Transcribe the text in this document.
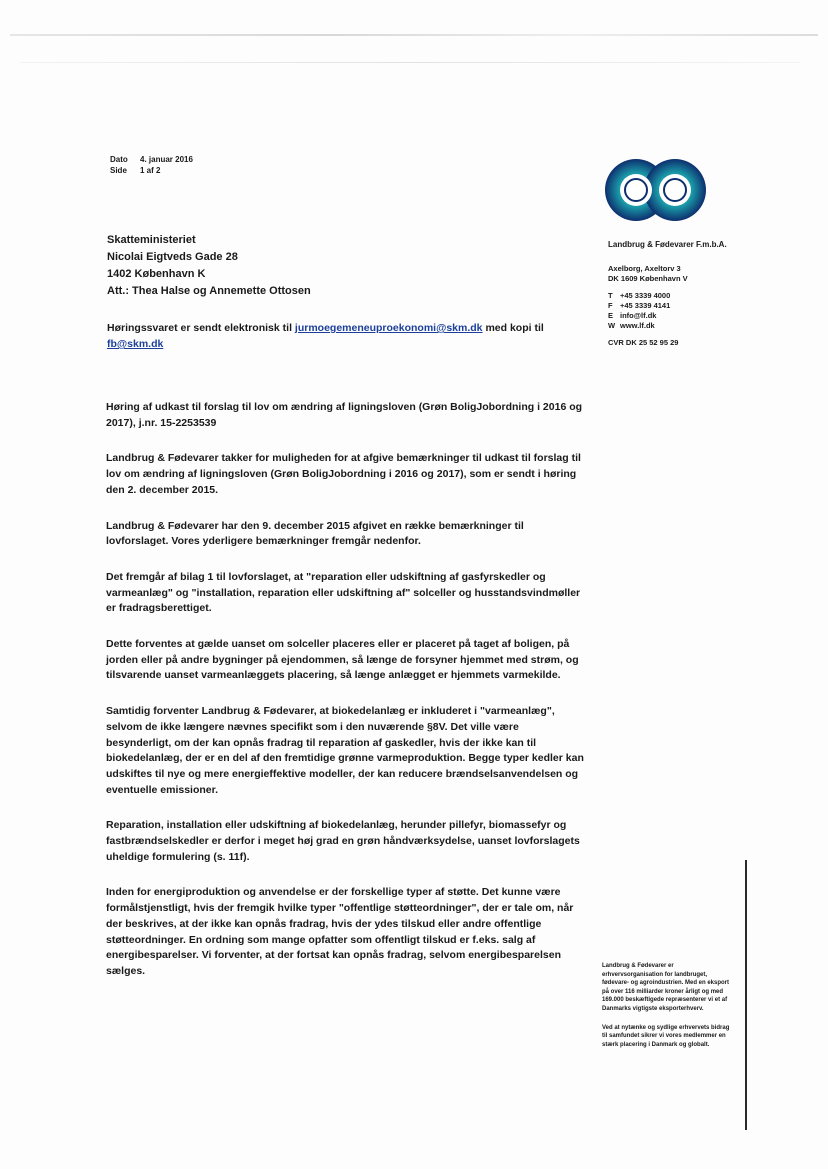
Dato	4. januar 2016
Side	1 af 2
Landbrug & Fødevarer F.m.b.A.
Axelborg, Axeltorv 3
DK 1609 København V
T +45 3339 4000
F +45 3339 4141
E info@lf.dk
W www.lf.dk
CVR DK 25 52 95 29
Skatteministeriet
Nicolai Eigtveds Gade 28
1402 København K
Att.: Thea Halse og Annemette Ottosen
Høringssvaret er sendt elektronisk til jurmoegemeneuproekonomi@skm.dk med kopi til fb@skm.dk

Høring af udkast til forslag til lov om ændring af ligningsloven (Grøn BoligJobordning i 2016 og 2017), j.nr. 15-2253539

Landbrug & Fødevarer takker for muligheden for at afgive bemærkninger til udkast til forslag til lov om ændring af ligningsloven (Grøn BoligJobordning i 2016 og 2017), som er sendt i høring den 2. december 2015.

Landbrug & Fødevarer har den 9. december 2015 afgivet en række bemærkninger til lovforslaget. Vores yderligere bemærkninger fremgår nedenfor.

Det fremgår af bilag 1 til lovforslaget, at "reparation eller udskiftning af gasfyrskedler og varmeanlæg" og "installation, reparation eller udskiftning af" solceller og husstandsvindmøller er fradragsberettiget.

Dette forventes at gælde uanset om solceller placeres eller er placeret på taget af boligen, på jorden eller på andre bygninger på ejendommen, så længe de forsyner hjemmet med strøm, og tilsvarende uanset varmeanlæggets placering, så længe anlægget er hjemmets varmekilde.

Samtidig forventer Landbrug & Fødevarer, at biokedelanlæg er inkluderet i "varmeanlæg", selvom de ikke længere nævnes specifikt som i den nuværende §8V. Det ville være besynderligt, om der kan opnås fradrag til reparation af gaskedler, hvis der ikke kan til biokedelanlæg, der er en del af den fremtidige grønne varmeproduktion. Begge typer kedler kan udskiftes til nye og mere energieffektive modeller, der kan reducere brændselsanvendelsen og eventuelle emissioner.

Reparation, installation eller udskiftning af biokedelanlæg, herunder pillefyr, biomassefyr og fastbrændselskedler er derfor i meget høj grad en grøn håndværksydelse, uanset lovforslagets uheldige formulering (s. 11f).

Inden for energiproduktion og anvendelse er der forskellige typer af støtte. Det kunne være formålstjenstligt, hvis der fremgik hvilke typer "offentlige støtteordninger", der er tale om, når der beskrives, at der ikke kan opnås fradrag, hvis der ydes tilskud eller andre offentlige støtteordninger. En ordning som mange opfatter som offentligt tilskud er f.eks. salg af energibesparelser. Vi forventer, at der fortsat kan opnås fradrag, selvom energibesparelsen sælges.	Landbrug & Fødevarer er erhvervsorganisation for landbruget, fødevare- og agroindustrien. Med en eksport på over 116 milliarder kroner årligt og med 169.000 beskæftigede repræsenterer vi et af Danmarks vigtigste eksporterhverv.

Ved at nytænke og sydlige erhvervets bidrag til samfundet sikrer vi vores medlemmer en stærk placering i Danmark og globalt.
